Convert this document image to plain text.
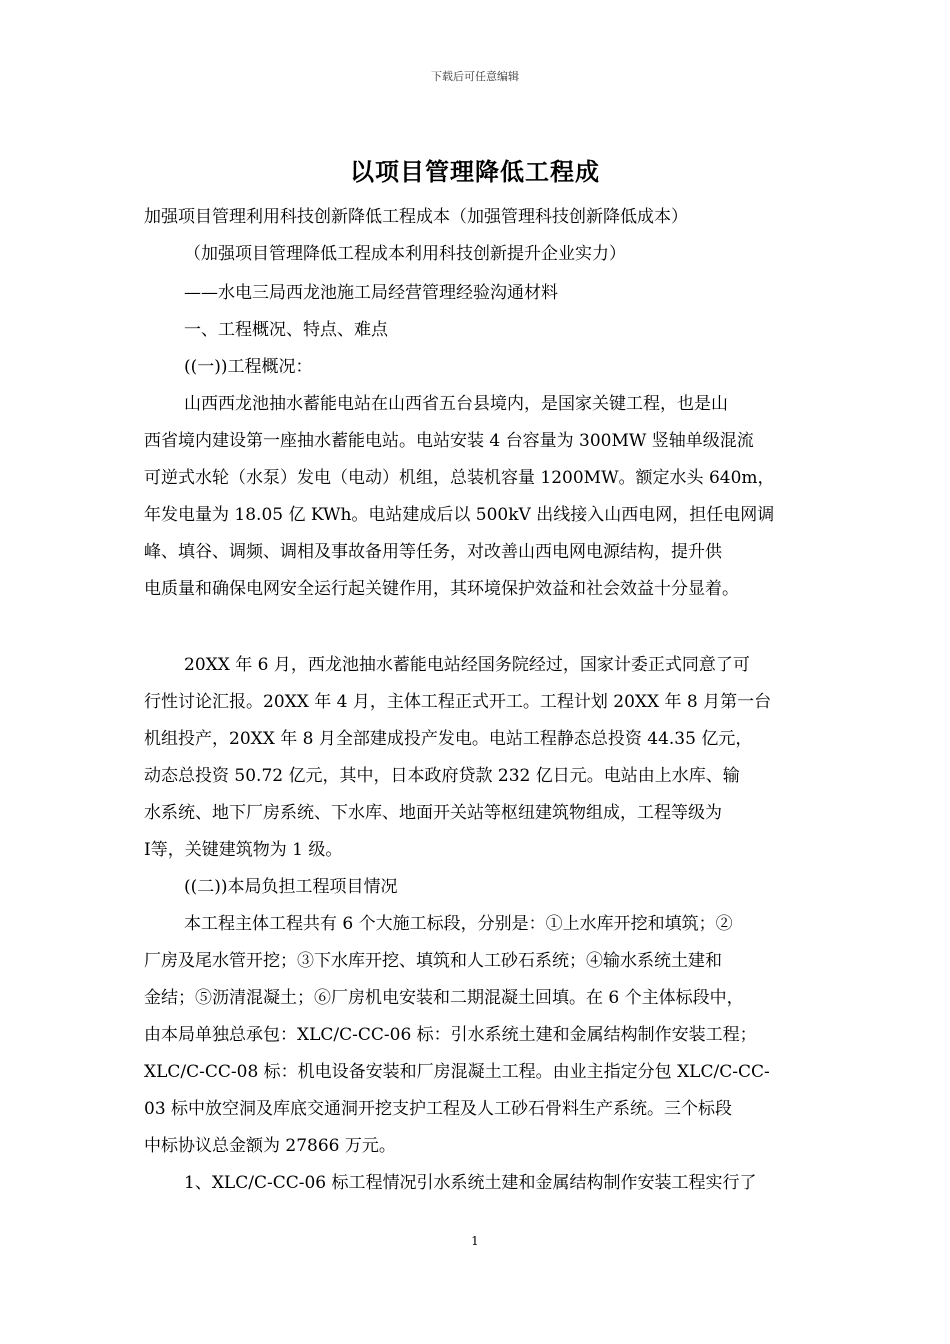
下载后可任意编辑
以项目管理降低工程成
加强项目管理利用科技创新降低工程成本（加强管理科技创新降低成本）
（加强项目管理降低工程成本利用科技创新提升企业实力）
——水电三局西龙池施工局经营管理经验沟通材料
一、工程概况、特点、难点
((一))工程概况：
山西西龙池抽水蓄能电站在山西省五台县境内，是国家关键工程，也是山
西省境内建设第一座抽水蓄能电站。电站安装 4 台容量为 300MW 竖轴单级混流
可逆式水轮（水泵）发电（电动）机组，总装机容量 1200MW。额定水头 640m，
年发电量为 18.05 亿 KWh。电站建成后以 500kV 出线接入山西电网，担任电网调
峰、填谷、调频、调相及事故备用等任务，对改善山西电网电源结构，提升供
电质量和确保电网安全运行起关键作用，其环境保护效益和社会效益十分显着。
20XX 年 6 月，西龙池抽水蓄能电站经国务院经过，国家计委正式同意了可
行性讨论汇报。20XX 年 4 月，主体工程正式开工。工程计划 20XX 年 8 月第一台
机组投产，20XX 年 8 月全部建成投产发电。电站工程静态总投资 44.35 亿元，
动态总投资 50.72 亿元，其中，日本政府贷款 232 亿日元。电站由上水库、输
水系统、地下厂房系统、下水库、地面开关站等枢纽建筑物组成，工程等级为
Ⅰ等，关键建筑物为 1 级。
((二))本局负担工程项目情况
本工程主体工程共有 6 个大施工标段，分别是：①上水库开挖和填筑；②
厂房及尾水管开挖；③下水库开挖、填筑和人工砂石系统；④输水系统土建和
金结；⑤沥清混凝土；⑥厂房机电安装和二期混凝土回填。在 6 个主体标段中，
由本局单独总承包：XLC/C-CC-06 标：引水系统土建和金属结构制作安装工程；
XLC/C-CC-08 标：机电设备安装和厂房混凝土工程。由业主指定分包 XLC/C-CC-
03 标中放空洞及库底交通洞开挖支护工程及人工砂石骨料生产系统。三个标段
中标协议总金额为 27866 万元。
1、XLC/C-CC-06 标工程情况引水系统土建和金属结构制作安装工程实行了
1
